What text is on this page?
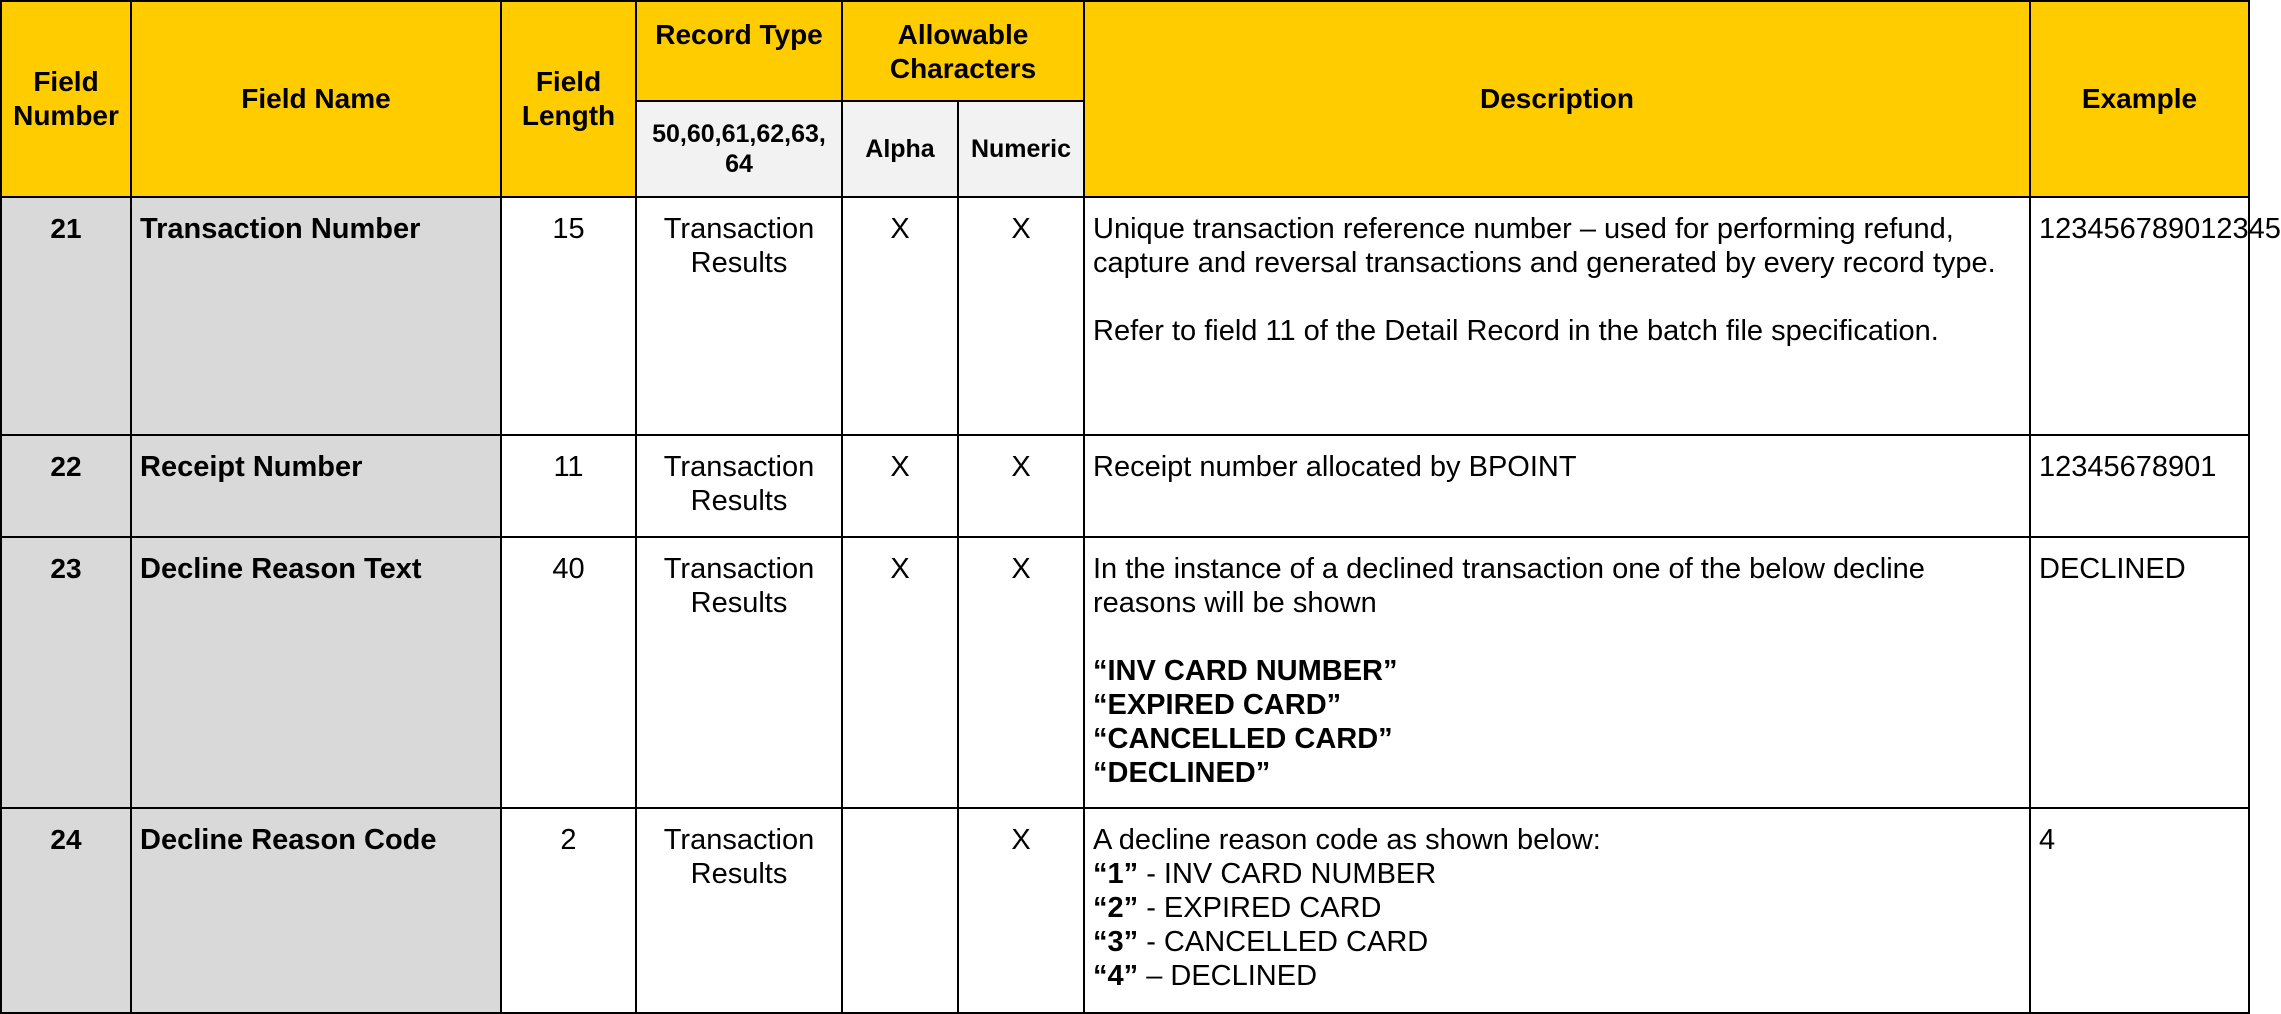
Field Number	Field Name	Field Length	Record Type	Allowable Characters		Description	Example
			50,60,61,62,63, 64	Alpha	Numeric		
21	Transaction Number	15	Transaction Results	X	X	Unique transaction reference number – used for performing refund, capture and reversal transactions and generated by every record type.

Refer to field 11 of the Detail Record in the batch file specification.	123456789012345
22	Receipt Number	11	Transaction Results	X	X	Receipt number allocated by BPOINT	12345678901
23	Decline Reason Text	40	Transaction Results	X	X	In the instance of a declined transaction one of the below decline reasons will be shown

“INV CARD NUMBER”

“EXPIRED CARD”

“CANCELLED CARD”

“DECLINED”	DECLINED
24	Decline Reason Code	2	Transaction Results		X	A decline reason code as shown below:

“1” - INV CARD NUMBER

“2” - EXPIRED CARD

“3” - CANCELLED CARD

“4” – DECLINED	4
